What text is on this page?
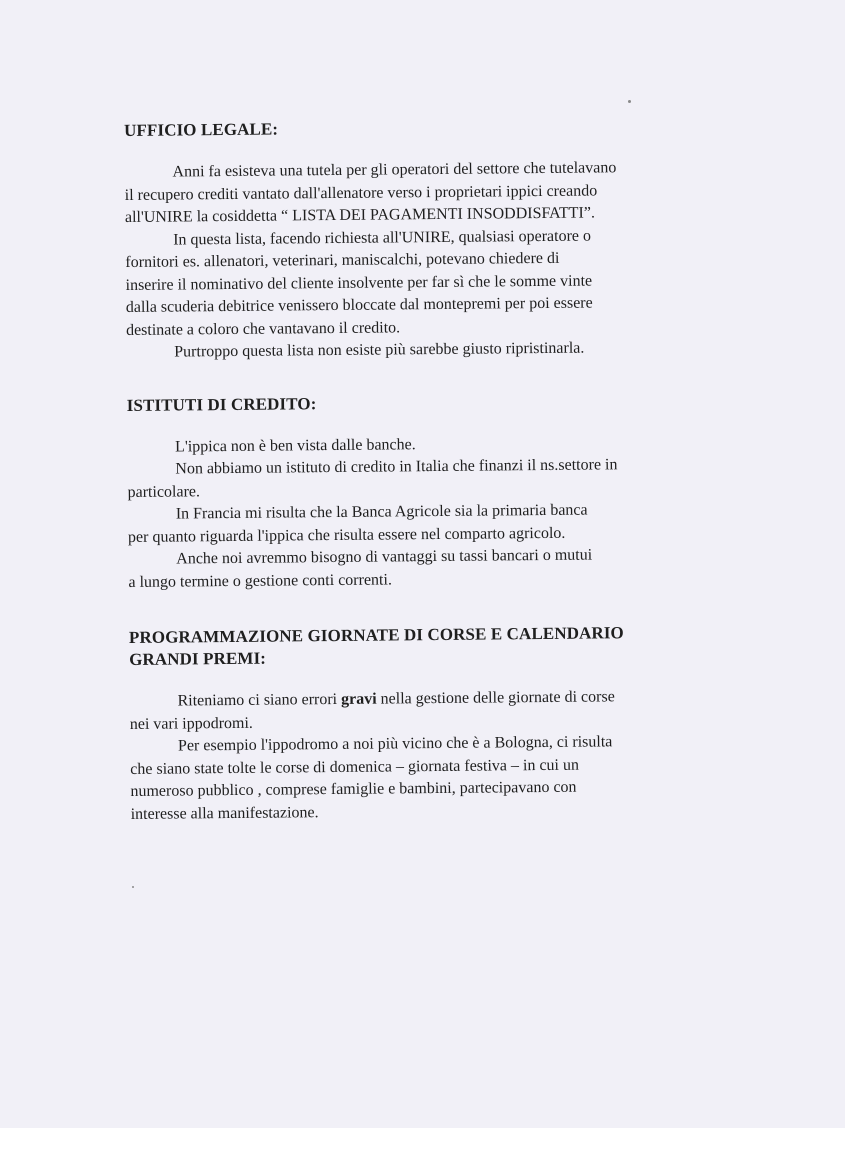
UFFICIO LEGALE:

Anni fa esisteva una tutela per gli operatori del settore che tutelavano
il recupero crediti vantato dall'allenatore verso i proprietari ippici creando
all'UNIRE la cosiddetta “ LISTA DEI PAGAMENTI INSODDISFATTI”.
In questa lista, facendo richiesta all'UNIRE, qualsiasi operatore o
fornitori es. allenatori, veterinari, maniscalchi, potevano chiedere di
inserire il nominativo del cliente insolvente per far sì che le somme vinte
dalla scuderia debitrice venissero bloccate dal montepremi per poi essere
destinate a coloro che vantavano il credito.
Purtroppo questa lista non esiste più sarebbe giusto ripristinarla.

ISTITUTI DI CREDITO:

L'ippica non è ben vista dalle banche.
Non abbiamo un istituto di credito in Italia che finanzi il ns.settore in
particolare.
In Francia mi risulta che la Banca Agricole sia la primaria banca
per quanto riguarda l'ippica che risulta essere nel comparto agricolo.
Anche noi avremmo bisogno di vantaggi su tassi bancari o mutui
a lungo termine o gestione conti correnti.

PROGRAMMAZIONE GIORNATE DI CORSE E CALENDARIO
GRANDI PREMI:

Riteniamo ci siano errori gravi nella gestione delle giornate di corse
nei vari ippodromi.
Per esempio l'ippodromo a noi più vicino che è a Bologna, ci risulta
che siano state tolte le corse di domenica – giornata festiva – in cui un
numeroso pubblico , comprese famiglie e bambini, partecipavano con
interesse alla manifestazione.
